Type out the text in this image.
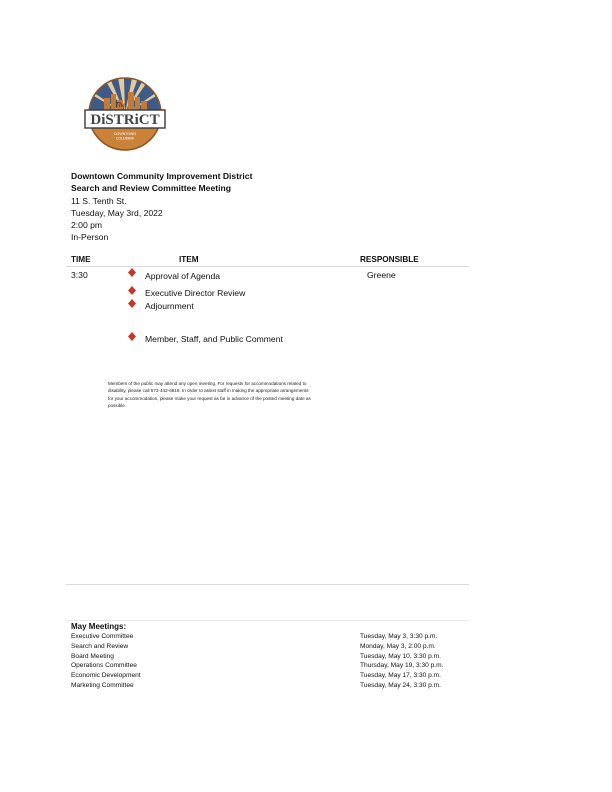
The
DiSTRiCT
DOWNTOWN
COLUMBIA
Downtown Community Improvement District
Search and Review Committee Meeting
11 S. Tenth St.
Tuesday, May 3rd, 2022
2:00 pm
In-Person
TIME	ITEM	RESPONSIBLE
3:30	Approval of Agenda	Greene
Executive Director Review
Adjournment
Member, Staff, and Public Comment
Members of the public may attend any open meeting. For requests for accommodations related to
disability, please call 573-442-6816. In order to assist staff in making the appropriate arrangements
for your accommodation, please make your request as far in advance of the posted meeting date as
possible.
May Meetings:
Executive Committee	Tuesday, May 3, 3:30 p.m.
Search and Review	Monday, May 3, 2:00 p.m.
Board Meeting	Tuesday, May 10, 3:30 p.m.
Operations Committee	Thursday, May 19, 3:30 p.m.
Economic Development	Tuesday, May 17, 3:30 p.m.
Marketing Committee	Tuesday, May 24, 3:30 p.m.
